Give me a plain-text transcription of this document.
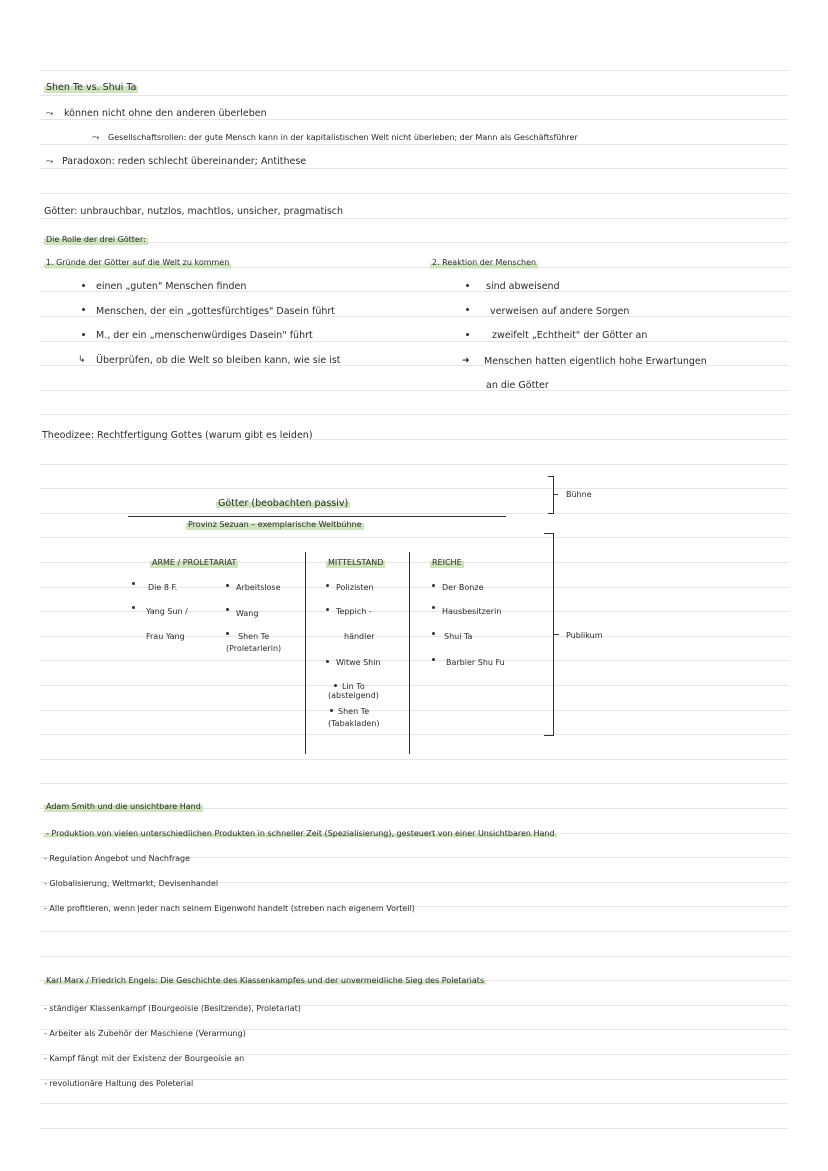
Shen Te vs. Shui Ta
⤳ können nicht ohne den anderen überleben
⤳ Gesellschaftsrollen: der gute Mensch kann in der kapitalistischen Welt nicht überleben; der Mann als Geschäftsführer
⤳ Paradoxon: reden schlecht übereinander; Antithese
Götter: unbrauchbar, nutzlos, machtlos, unsicher, pragmatisch
Die Rolle der drei Götter:
1. Gründe der Götter auf die Welt zu kommen	2. Reaktion der Menschen
einen „guten" Menschen finden
Menschen, der ein „gottesfürchtiges" Dasein führt
M., der ein „menschenwürdiges Dasein" führt
↳ Überprüfen, ob die Welt so bleiben kann, wie sie ist
sind abweisend
verweisen auf andere Sorgen
zweifelt „Echtheit" der Götter an
➜ Menschen hatten eigentlich hohe Erwartungen
an die Götter
Theodizee: Rechtfertigung Gottes (warum gibt es leiden)
Götter (beobachten passiv)
Provinz Sezuan – exemplarische Weltbühne
Bühne
Publikum
ARME / PROLETARIAT
Die 8 F.
Yang Sun /
Frau Yang
Arbeitslose
Wang
Shen Te
(Proletarierin)
MITTELSTAND
Polizisten
Teppich -
händler
Witwe Shin
Lin To
(absteigend)
Shen Te
(Tabakladen)
REICHE
Der Bonze
Hausbesitzerin
Shui Ta
Barbier Shu Fu
Adam Smith und die unsichtbare Hand
- Produktion von vielen unterschiedlichen Produkten in schneller Zeit (Spezialisierung), gesteuert von einer Unsichtbaren Hand
- Regulation Angebot und Nachfrage
- Globalisierung, Weltmarkt, Devisenhandel
- Alle profitieren, wenn jeder nach seinem Eigenwohl handelt (streben nach eigenem Vorteil)
Karl Marx / Friedrich Engels: Die Geschichte des Klassenkampfes und der unvermeidliche Sieg des Poletariats
- ständiger Klassenkampf (Bourgeoisie (Besitzende), Proletariat)
- Arbeiter als Zubehör der Maschiene (Verarmung)
- Kampf fängt mit der Existenz der Bourgeoisie an
- revolutionäre Haltung des Poleterial
